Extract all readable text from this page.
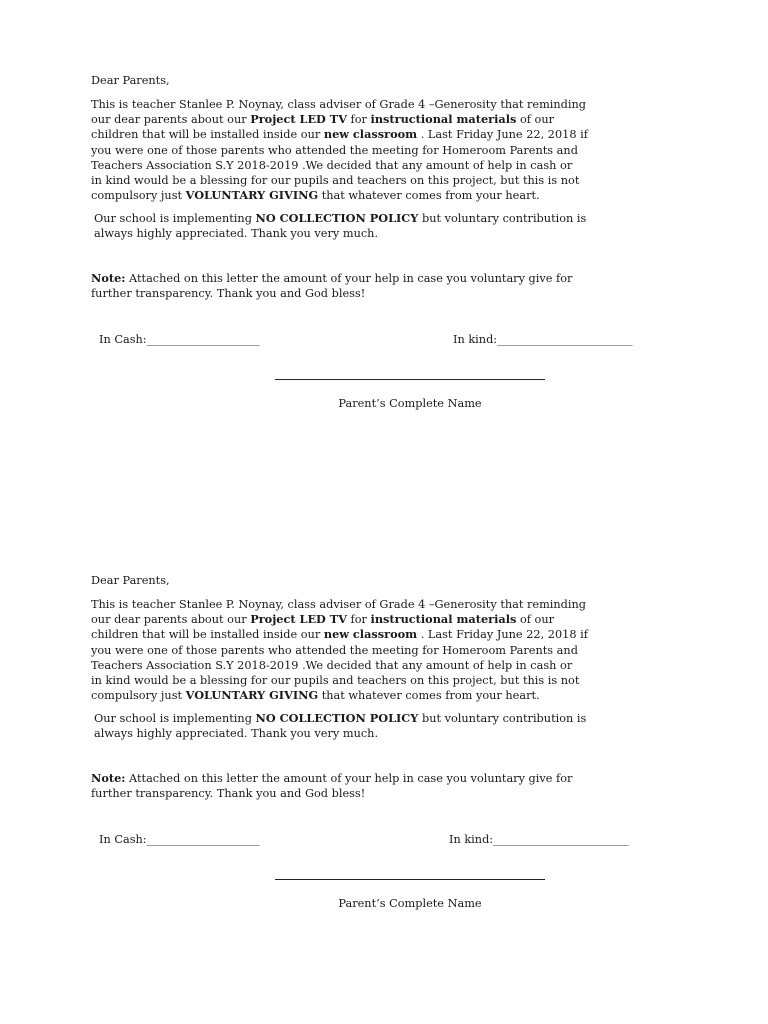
Dear Parents,
This is teacher Stanlee P. Noynay, class adviser of Grade 4 –Generosity that reminding
our dear parents about our Project LED TV for instructional materials of our
children that will be installed inside our new classroom . Last Friday June 22, 2018 if
you were one of those parents who attended the meeting for Homeroom Parents and
Teachers Association S.Y 2018-2019 .We decided that any amount of help in cash or
in kind would be a blessing for our pupils and teachers on this project, but this is not
compulsory just VOLUNTARY GIVING that whatever comes from your heart.
Our school is implementing NO COLLECTION POLICY but voluntary contribution is
always highly appreciated. Thank you very much.
Note: Attached on this letter the amount of your help in case you voluntary give for
further transparency. Thank you and God bless!
In Cash:____________________	In kind:________________________
Parent’s Complete Name
Dear Parents,
This is teacher Stanlee P. Noynay, class adviser of Grade 4 –Generosity that reminding
our dear parents about our Project LED TV for instructional materials of our
children that will be installed inside our new classroom . Last Friday June 22, 2018 if
you were one of those parents who attended the meeting for Homeroom Parents and
Teachers Association S.Y 2018-2019 .We decided that any amount of help in cash or
in kind would be a blessing for our pupils and teachers on this project, but this is not
compulsory just VOLUNTARY GIVING that whatever comes from your heart.
Our school is implementing NO COLLECTION POLICY but voluntary contribution is
always highly appreciated. Thank you very much.
Note: Attached on this letter the amount of your help in case you voluntary give for
further transparency. Thank you and God bless!
In Cash:____________________	In kind:________________________
Parent’s Complete Name
